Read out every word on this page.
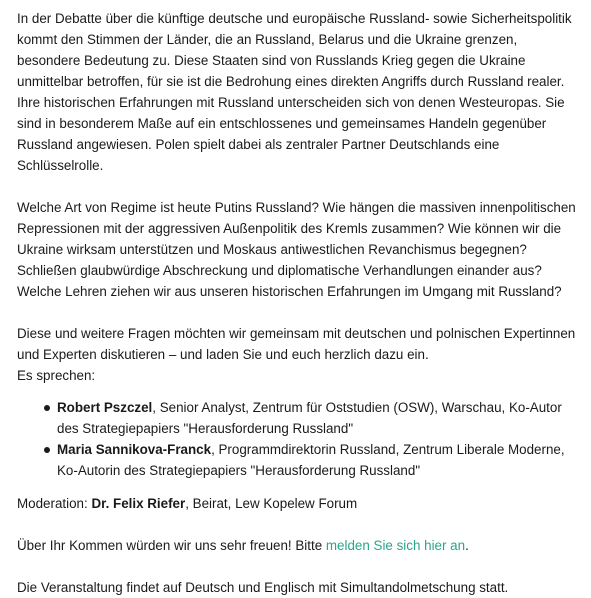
In der Debatte über die künftige deutsche und europäische Russland- sowie Sicherheitspolitik kommt den Stimmen der Länder, die an Russland, Belarus und die Ukraine grenzen, besondere Bedeutung zu. Diese Staaten sind von Russlands Krieg gegen die Ukraine unmittelbar betroffen, für sie ist die Bedrohung eines direkten Angriffs durch Russland realer. Ihre historischen Erfahrungen mit Russland unterscheiden sich von denen Westeuropas. Sie sind in besonderem Maße auf ein entschlossenes und gemeinsames Handeln gegenüber Russland angewiesen. Polen spielt dabei als zentraler Partner Deutschlands eine Schlüsselrolle.

Welche Art von Regime ist heute Putins Russland? Wie hängen die massiven innenpolitischen Repressionen mit der aggressiven Außenpolitik des Kremls zusammen? Wie können wir die Ukraine wirksam unterstützen und Moskaus antiwestlichen Revanchismus begegnen? Schließen glaubwürdige Abschreckung und diplomatische Verhandlungen einander aus? Welche Lehren ziehen wir aus unseren historischen Erfahrungen im Umgang mit Russland?

Diese und weitere Fragen möchten wir gemeinsam mit deutschen und polnischen Expertinnen und Experten diskutieren – und laden Sie und euch herzlich dazu ein.

Es sprechen:

Robert Pszczel, Senior Analyst, Zentrum für Oststudien (OSW), Warschau, Ko-Autor des Strategiepapiers "Herausforderung Russland"
Maria Sannikova-Franck, Programmdirektorin Russland, Zentrum Liberale Moderne, Ko-Autorin des Strategiepapiers "Herausforderung Russland"

Moderation: Dr. Felix Riefer, Beirat, Lew Kopelew Forum

Über Ihr Kommen würden wir uns sehr freuen! Bitte melden Sie sich hier an.

Die Veranstaltung findet auf Deutsch und Englisch mit Simultandolmetschung statt.
